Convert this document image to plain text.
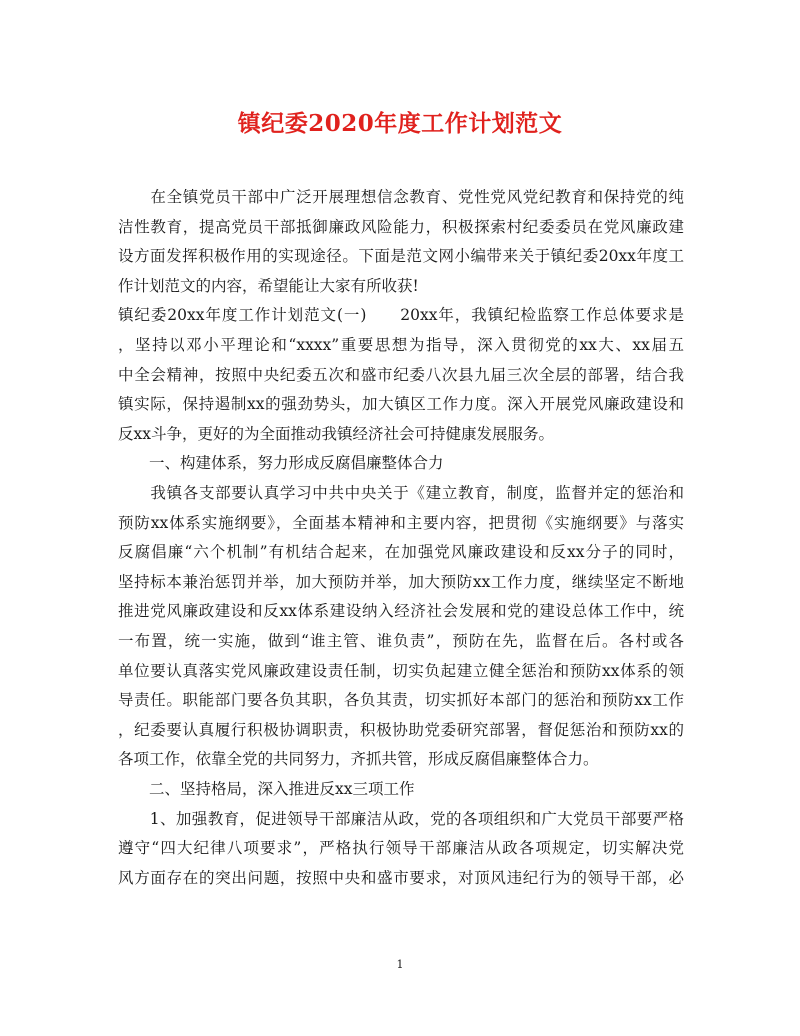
镇纪委2020年度工作计划范文
　　在全镇党员干部中广泛开展理想信念教育、党性党风党纪教育和保持党的纯
洁性教育，提高党员干部抵御廉政风险能力，积极探索村纪委委员在党风廉政建
设方面发挥积极作用的实现途径。下面是范文网小编带来关于镇纪委20xx年度工
作计划范文的内容，希望能让大家有所收获!
镇纪委20xx年度工作计划范文(一)　　20xx年，我镇纪检监察工作总体要求是
，坚持以邓小平理论和“xxxx”重要思想为指导，深入贯彻党的xx大、xx届五
中全会精神，按照中央纪委五次和盛市纪委八次县九届三次全层的部署，结合我
镇实际，保持遏制xx的强劲势头，加大镇区工作力度。深入开展党风廉政建设和
反xx斗争，更好的为全面推动我镇经济社会可持健康发展服务。
　　一、构建体系，努力形成反腐倡廉整体合力
　　我镇各支部要认真学习中共中央关于《建立教育，制度，监督并定的惩治和
预防xx体系实施纲要》，全面基本精神和主要内容，把贯彻《实施纲要》与落实
反腐倡廉“六个机制”有机结合起来，在加强党风廉政建设和反xx分子的同时，
坚持标本兼治惩罚并举，加大预防并举，加大预防xx工作力度，继续坚定不断地
推进党风廉政建设和反xx体系建设纳入经济社会发展和党的建设总体工作中，统
一布置，统一实施，做到“谁主管、谁负责”，预防在先，监督在后。各村或各
单位要认真落实党风廉政建设责任制，切实负起建立健全惩治和预防xx体系的领
导责任。职能部门要各负其职，各负其责，切实抓好本部门的惩治和预防xx工作
，纪委要认真履行积极协调职责，积极协助党委研究部署，督促惩治和预防xx的
各项工作，依靠全党的共同努力，齐抓共管，形成反腐倡廉整体合力。
　　二、坚持格局，深入推进反xx三项工作
　　1、加强教育，促进领导干部廉洁从政，党的各项组织和广大党员干部要严格
遵守“四大纪律八项要求”，严格执行领导干部廉洁从政各项规定，切实解决党
风方面存在的突出问题，按照中央和盛市要求，对顶风违纪行为的领导干部，必
1
